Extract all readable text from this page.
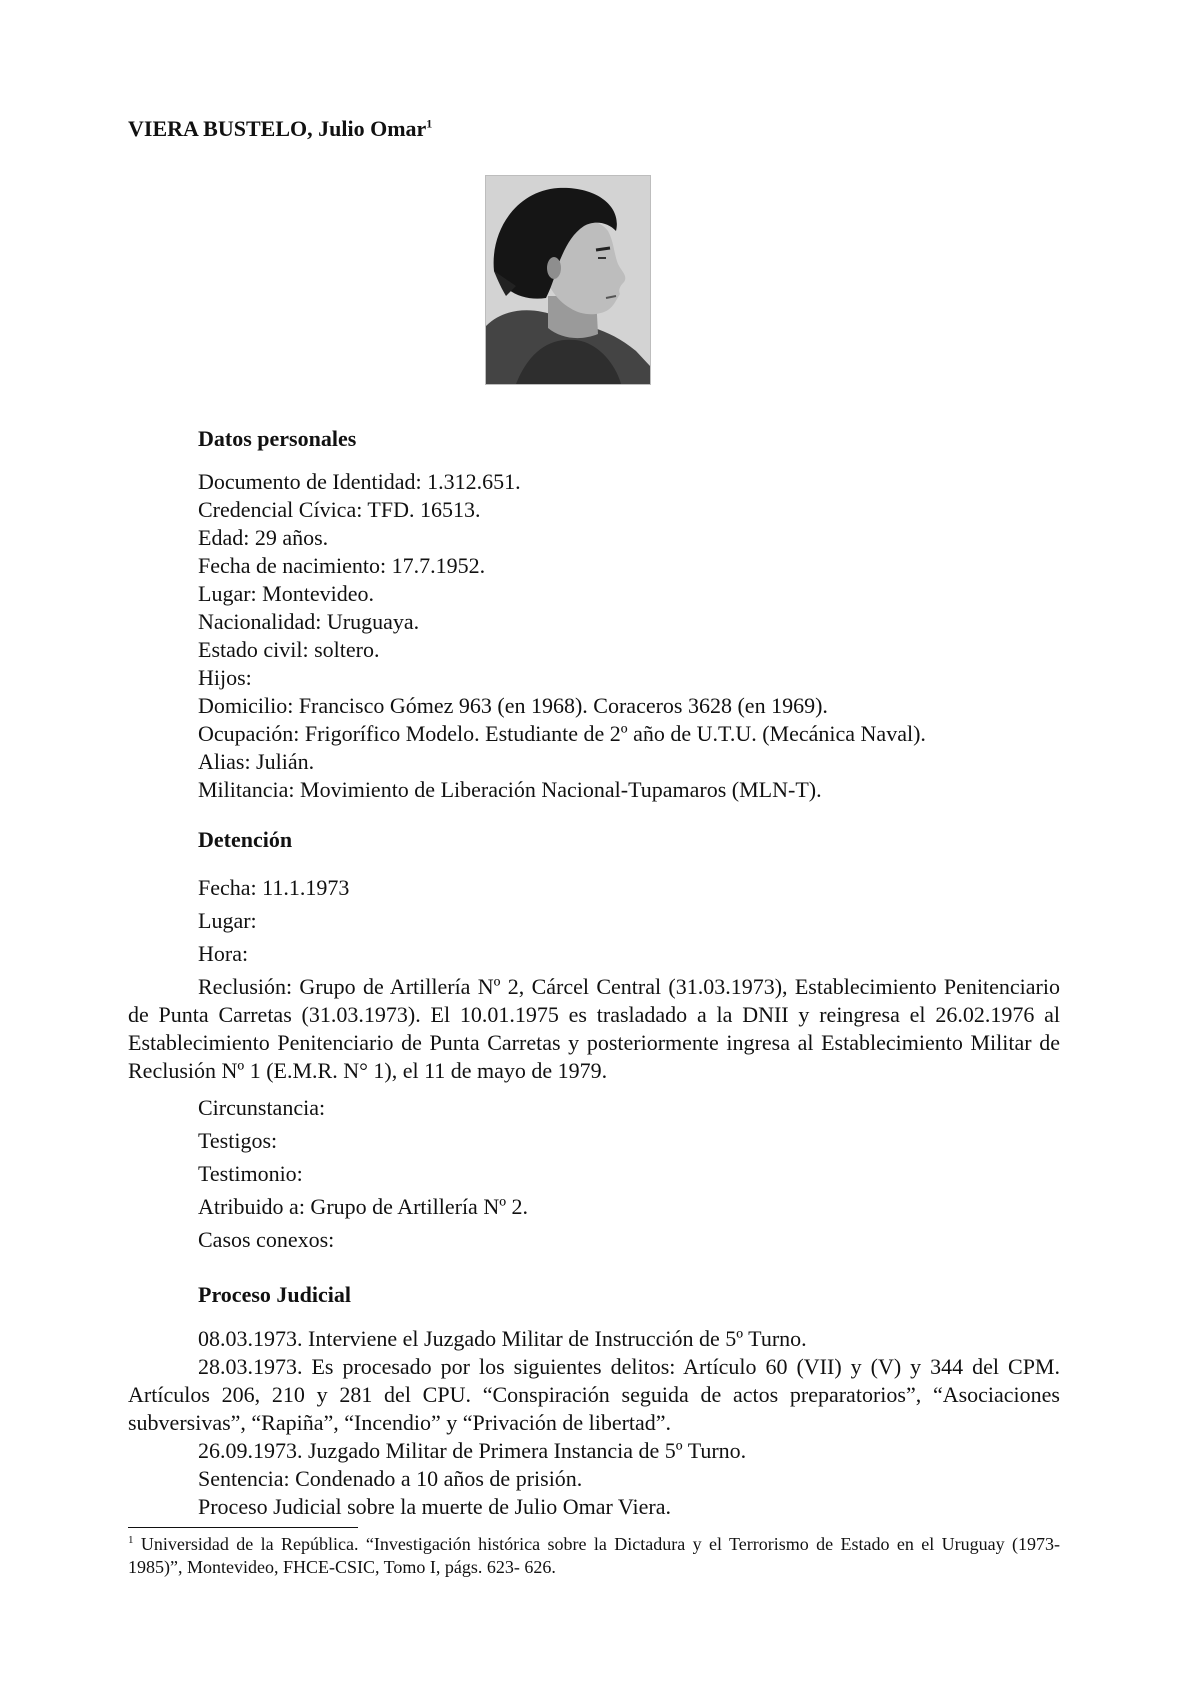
VIERA BUSTELO, Julio Omar$^1$
Datos personales
Documento de Identidad: 1.312.651.
Credencial Cívica: TFD. 16513.
Edad: 29 años.
Fecha de nacimiento: 17.7.1952.
Lugar: Montevideo.
Nacionalidad: Uruguaya.
Estado civil: soltero.
Hijos:
Domicilio: Francisco Gómez 963 (en 1968). Coraceros 3628 (en 1969).
Ocupación: Frigorífico Modelo. Estudiante de 2º año de U.T.U. (Mecánica Naval).
Alias: Julián.
Militancia: Movimiento de Liberación Nacional-Tupamaros (MLN-T).
Detención
Fecha: 11.1.1973
Lugar:
Hora:

Reclusión: Grupo de Artillería Nº 2, Cárcel Central (31.03.1973), Establecimiento Penitenciario de Punta Carretas (31.03.1973). El 10.01.1975 es trasladado a la DNII y reingresa el 26.02.1976 al Establecimiento Penitenciario de Punta Carretas y posteriormente ingresa al Establecimiento Militar de Reclusión Nº 1 (E.M.R. N° 1), el 11 de mayo de 1979.

Circunstancia:
Testigos:
Testimonio:
Atribuido a: Grupo de Artillería Nº 2.
Casos conexos:
Proceso Judicial
08.03.1973. Interviene el Juzgado Militar de Instrucción de 5º Turno.
28.03.1973. Es procesado por los siguientes delitos: Artículo 60 (VII) y (V) y 344 del CPM. Artículos 206, 210 y 281 del CPU. “Conspiración seguida de actos preparatorios”, “Asociaciones subversivas”, “Rapiña”, “Incendio” y “Privación de libertad”.
26.09.1973. Juzgado Militar de Primera Instancia de 5º Turno.
Sentencia: Condenado a 10 años de prisión.
Proceso Judicial sobre la muerte de Julio Omar Viera.

$^1$ Universidad de la República. “Investigación histórica sobre la Dictadura y el Terrorismo de Estado en el Uruguay (1973-1985)”, Montevideo, FHCE-CSIC, Tomo I, págs. 623- 626.
